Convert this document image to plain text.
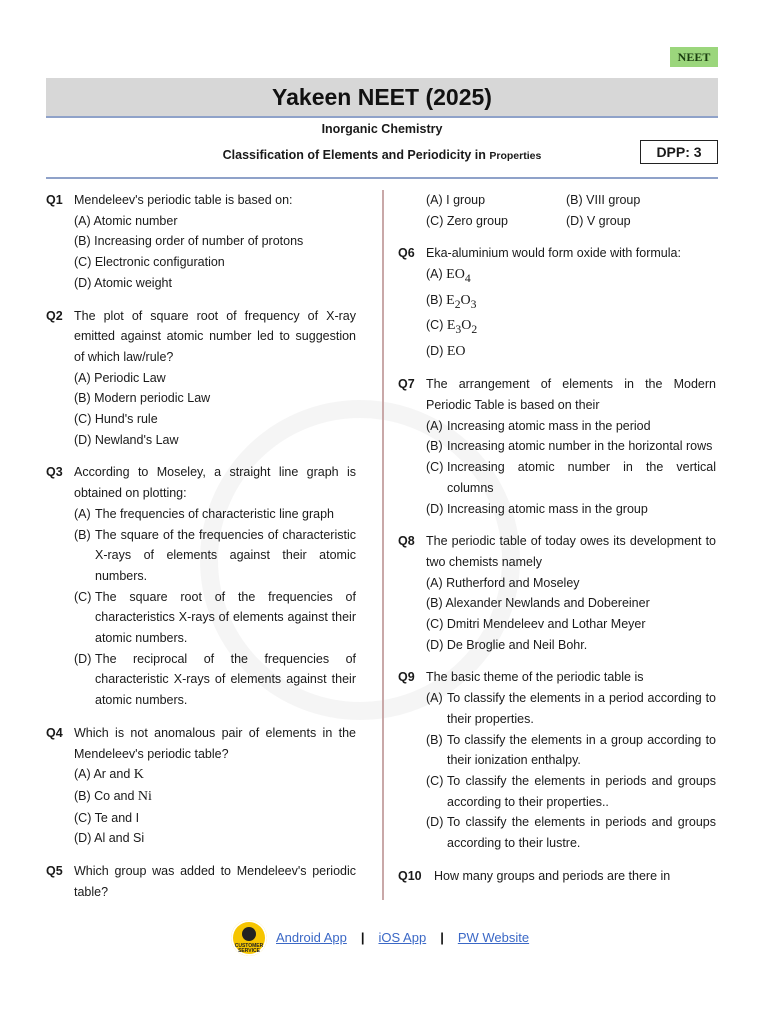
NEET
Yakeen NEET (2025)
Inorganic Chemistry
Classification of Elements and Periodicity in Properties	DPP: 3
Q1 Mendeleev's periodic table is based on:
(A) Atomic number
(B) Increasing order of number of protons
(C) Electronic configuration
(D) Atomic weight
Q2 The plot of square root of frequency of X-ray emitted against atomic number led to suggestion of which law/rule?
(A) Periodic Law
(B) Modern periodic Law
(C) Hund's rule
(D) Newland's Law
Q3 According to Moseley, a straight line graph is obtained on plotting:
(A) The frequencies of characteristic line graph
(B) The square of the frequencies of characteristic X-rays of elements against their atomic numbers.
(C) The square root of the frequencies of characteristics X-rays of elements against their atomic numbers.
(D) The reciprocal of the frequencies of characteristic X-rays of elements against their atomic numbers.
Q4 Which is not anomalous pair of elements in the Mendeleev's periodic table?
(A) Ar and K
(B) Co and Ni
(C) Te and I
(D) Al and Si
Q5 Which group was added to Mendeleev's periodic table?
(A) I group	(B) VIII group
(C) Zero group	(D) V group
Q6 Eka-aluminium would form oxide with formula:
(A) $EO_4$
(B) $E_2O_3$
(C) $E_3O_2$
(D) EO
Q7 The arrangement of elements in the Modern Periodic Table is based on their
(A) Increasing atomic mass in the period
(B) Increasing atomic number in the horizontal rows
(C) Increasing atomic number in the vertical columns
(D) Increasing atomic mass in the group
Q8 The periodic table of today owes its development to two chemists namely
(A) Rutherford and Moseley
(B) Alexander Newlands and Dobereiner
(C) Dmitri Mendeleev and Lothar Meyer
(D) De Broglie and Neil Bohr.
Q9 The basic theme of the periodic table is
(A) To classify the elements in a period according to their properties.
(B) To classify the elements in a group according to their ionization enthalpy.
(C) To classify the elements in periods and groups according to their properties..
(D) To classify the elements in periods and groups according to their lustre.
Q10 How many groups and periods are there in
CUSTOMER SERVICE
Android App | iOS App | PW Website
